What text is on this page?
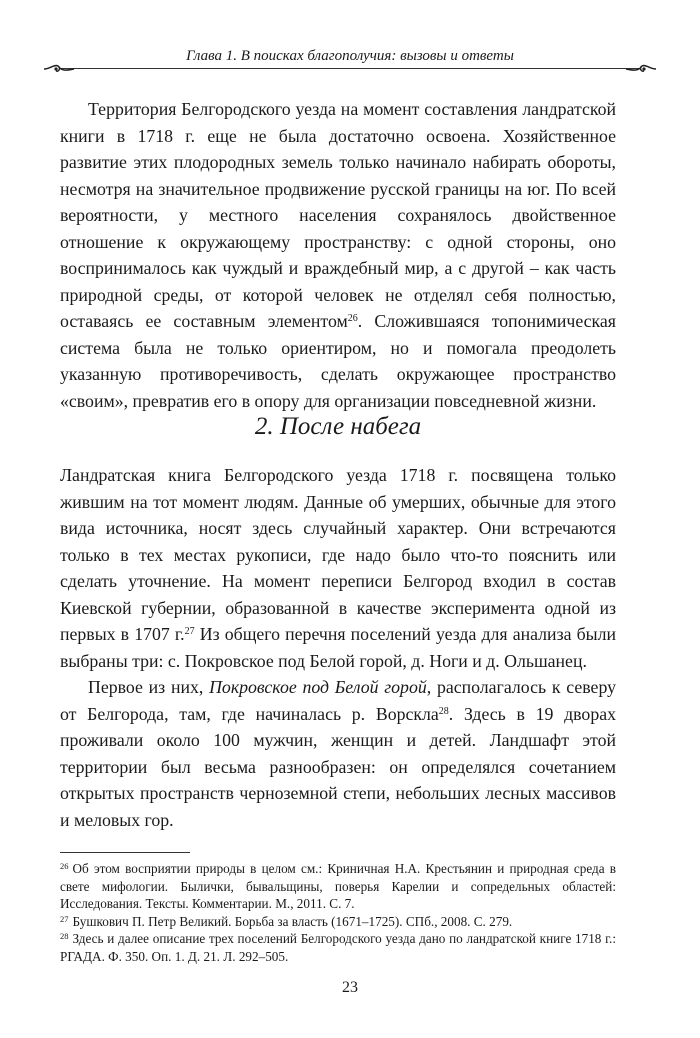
Глава 1. В поисках благополучия: вызовы и ответы

Территория Белгородского уезда на момент составления ландратской книги в 1718 г. еще не была достаточно освоена. Хозяйственное развитие этих плодородных земель только начинало набирать обороты, несмотря на значительное продвижение русской границы на юг. По всей вероятности, у местного населения сохранялось двойственное отношение к окружающему пространству: с одной стороны, оно воспринималось как чуждый и враждебный мир, а с другой – как часть природной среды, от которой человек не отделял себя полностью, оставаясь ее составным элементом$^{26}$. Сложившаяся топонимическая система была не только ориентиром, но и помогала преодолеть указанную противоречивость, сделать окружающее пространство «своим», превратив его в опору для организации повседневной жизни.

2. После набега

Ландратская книга Белгородского уезда 1718 г. посвящена только жившим на тот момент людям. Данные об умерших, обычные для этого вида источника, носят здесь случайный характер. Они встречаются только в тех местах рукописи, где надо было что-то пояснить или сделать уточнение. На момент переписи Белгород входил в состав Киевской губернии, образованной в качестве эксперимента одной из первых в 1707 г.$^{27}$ Из общего перечня поселений уезда для анализа были выбраны три: с. Покровское под Белой горой, д. Ноги и д. Ольшанец.

Первое из них, Покровское под Белой горой, располагалось к северу от Белгорода, там, где начиналась р. Ворскла$^{28}$. Здесь в 19 дворах проживали около 100 мужчин, женщин и детей. Ландшафт этой территории был весьма разнообразен: он определялся сочетанием открытых пространств черноземной степи, небольших лесных массивов и меловых гор.

$^{26}$ Об этом восприятии природы в целом см.: Криничная Н.А. Крестьянин и природная среда в свете мифологии. Былички, бывальщины, поверья Карелии и сопредельных областей: Исследования. Тексты. Комментарии. М., 2011. С. 7.

$^{27}$ Бушкович П. Петр Великий. Борьба за власть (1671–1725). СПб., 2008. С. 279.

$^{28}$ Здесь и далее описание трех поселений Белгородского уезда дано по ландратской книге 1718 г.: РГАДА. Ф. 350. Оп. 1. Д. 21. Л. 292–505.

23
